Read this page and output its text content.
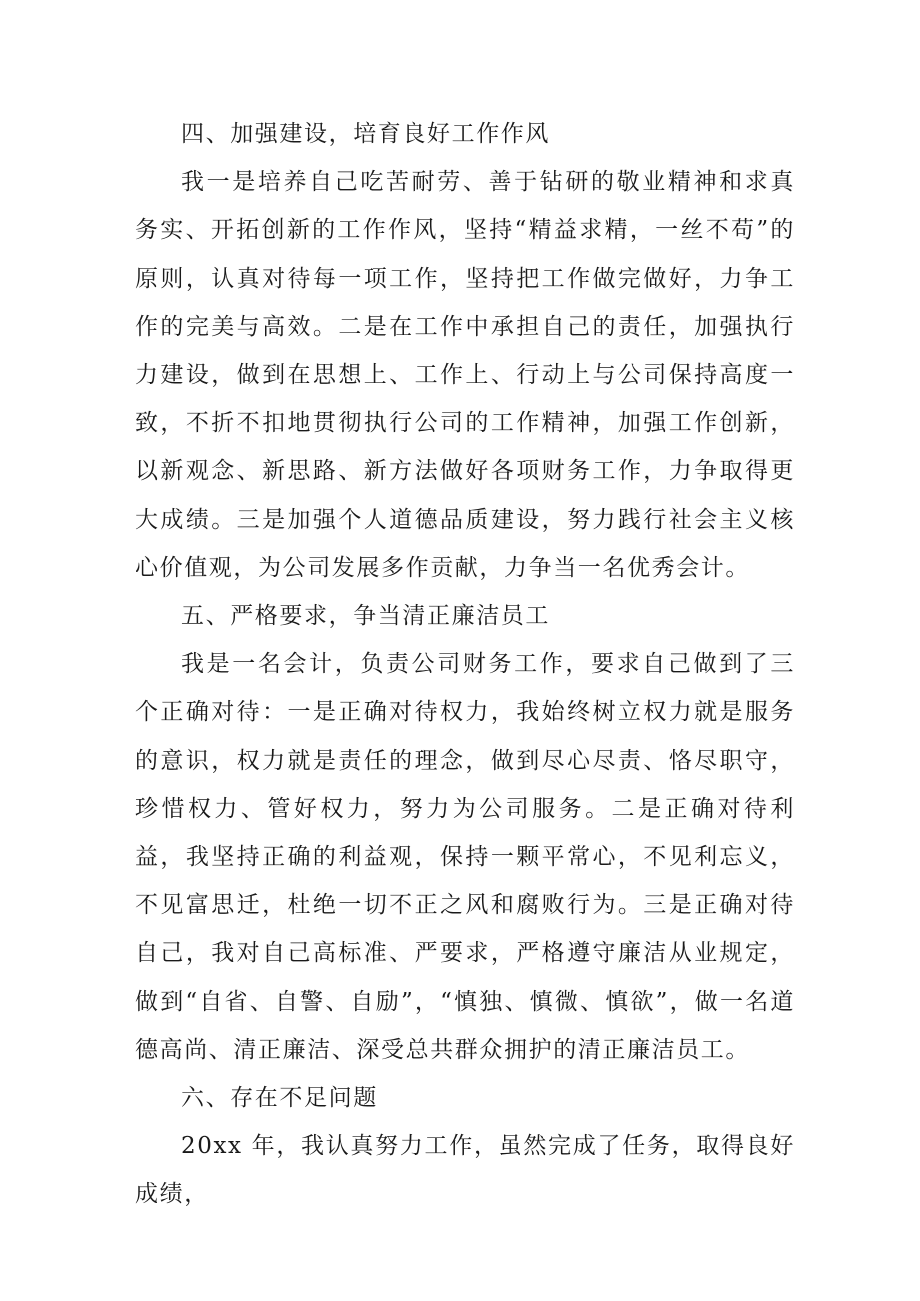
四、加强建设，培育良好工作作风

我一是培养自己吃苦耐劳、善于钻研的敬业精神和求真务实、开拓创新的工作作风，坚持“精益求精，一丝不苟”的原则，认真对待每一项工作，坚持把工作做完做好，力争工作的完美与高效。二是在工作中承担自己的责任，加强执行力建设，做到在思想上、工作上、行动上与公司保持高度一致，不折不扣地贯彻执行公司的工作精神，加强工作创新，以新观念、新思路、新方法做好各项财务工作，力争取得更大成绩。三是加强个人道德品质建设，努力践行社会主义核心价值观，为公司发展多作贡献，力争当一名优秀会计。

五、严格要求，争当清正廉洁员工

我是一名会计，负责公司财务工作，要求自己做到了三个正确对待：一是正确对待权力，我始终树立权力就是服务的意识，权力就是责任的理念，做到尽心尽责、恪尽职守，珍惜权力、管好权力，努力为公司服务。二是正确对待利益，我坚持正确的利益观，保持一颗平常心，不见利忘义，不见富思迁，杜绝一切不正之风和腐败行为。三是正确对待自己，我对自己高标准、严要求，严格遵守廉洁从业规定，做到“自省、自警、自励”，“慎独、慎微、慎欲”，做一名道德高尚、清正廉洁、深受总共群众拥护的清正廉洁员工。

六、存在不足问题

20xx 年，我认真努力工作，虽然完成了任务，取得良好成绩，
